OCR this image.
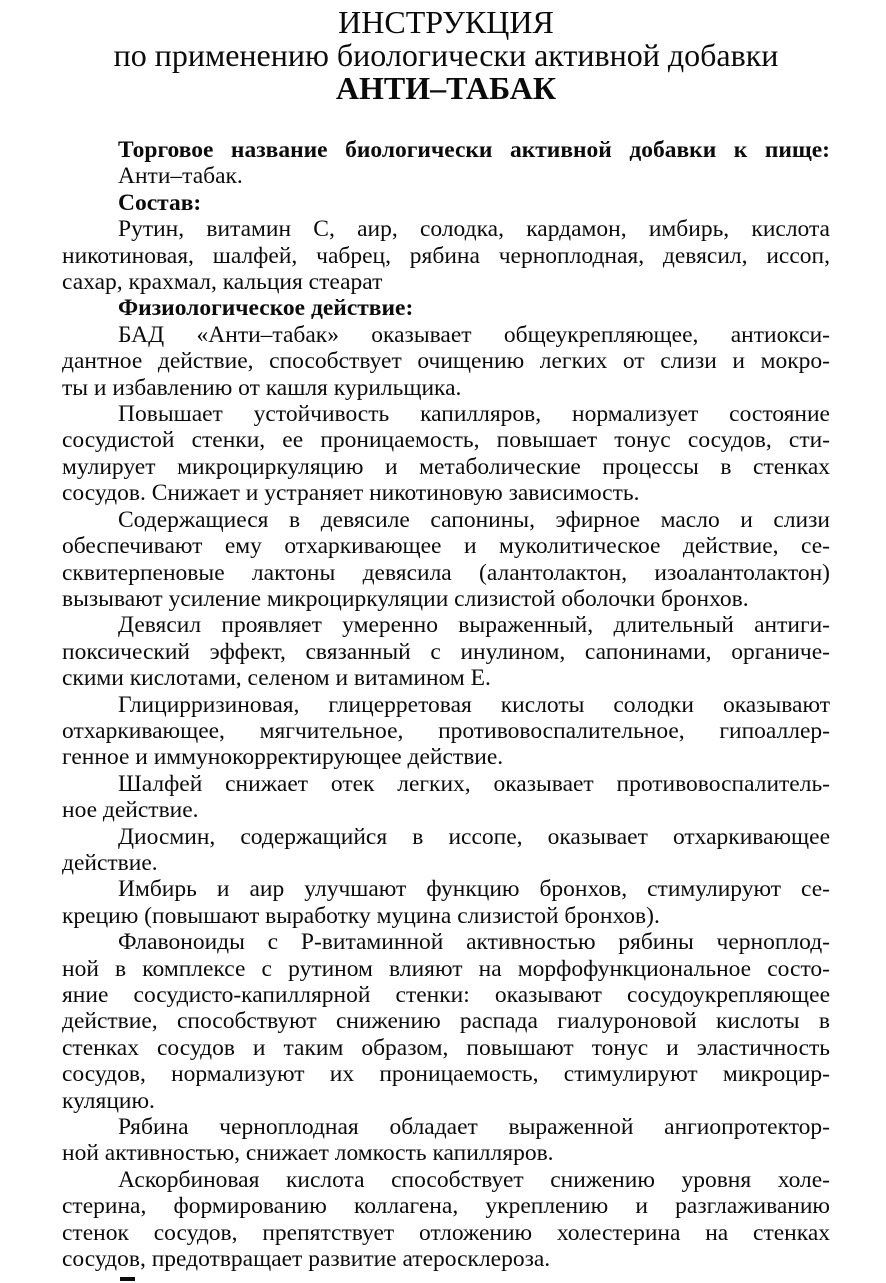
ИНСТРУКЦИЯ
по применению биологически активной добавки
АНТИ–ТАБАК

Торговое название биологически активной добавки к пище:

Анти–табак.

Состав:

Рутин, витамин С, аир, солодка, кардамон, имбирь, кислота
никотиновая, шалфей, чабрец, рябина черноплодная, девясил, иссоп,
сахар, крахмал, кальция стеарат

Физиологическое действие:

БАД «Анти–табак» оказывает общеукрепляющее, антиокси-
дантное действие, способствует очищению легких от слизи и мокро-
ты и избавлению от кашля курильщика.

Повышает устойчивость капилляров, нормализует состояние
сосудистой стенки, ее проницаемость, повышает тонус сосудов, сти-
мулирует микроциркуляцию и метаболические процессы в стенках
сосудов. Снижает и устраняет никотиновую зависимость.

Содержащиеся в девясиле сапонины, эфирное масло и слизи
обеспечивают ему отхаркивающее и муколитическое действие, се-
сквитерпеновые лактоны девясила (алантолактон, изоалантолактон)
вызывают усиление микроциркуляции слизистой оболочки бронхов.

Девясил проявляет умеренно выраженный, длительный антиги-
поксический эффект, связанный с инулином, сапонинами, органиче-
скими кислотами, селеном и витамином Е.

Глицирризиновая, глицерретовая кислоты солодки оказывают
отхаркивающее, мягчительное, противовоспалительное, гипоаллер-
генное и иммунокорректирующее действие.

Шалфей снижает отек легких, оказывает противовоспалитель-
ное действие.

Диосмин, содержащийся в иссопе, оказывает отхаркивающее
действие.

Имбирь и аир улучшают функцию бронхов, стимулируют се-
крецию (повышают выработку муцина слизистой бронхов).

Флавоноиды с Р-витаминной активностью рябины черноплод-
ной в комплексе с рутином влияют на морфофункциональное состо-
яние сосудисто-капиллярной стенки: оказывают сосудоукрепляющее
действие, способствуют снижению распада гиалуроновой кислоты в
стенках сосудов и таким образом, повышают тонус и эластичность
сосудов, нормализуют их проницаемость, стимулируют микроцир-
куляцию.

Рябина черноплодная обладает выраженной ангиопротектор-
ной активностью, снижает ломкость капилляров.

Аскорбиновая кислота способствует снижению уровня холе-
стерина, формированию коллагена, укреплению и разглаживанию
стенок сосудов, препятствует отложению холестерина на стенках
сосудов, предотвращает развитие атеросклероза.
